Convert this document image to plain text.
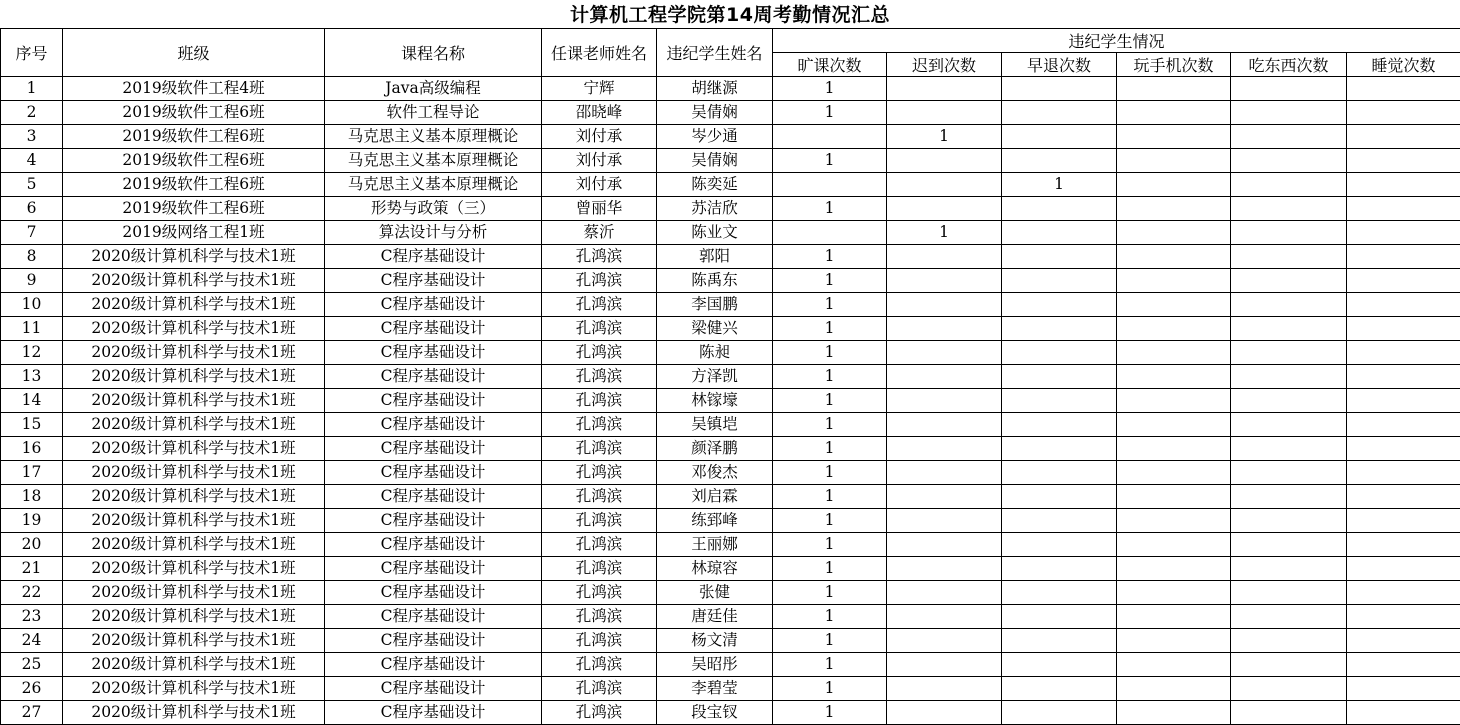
计算机工程学院第14周考勤情况汇总
序号	班级	课程名称	任课老师姓名	违纪学生姓名	违纪学生情况					
					旷课次数	迟到次数	早退次数	玩手机次数	吃东西次数	睡觉次数
1	2019级软件工程4班	Java高级编程	宁辉	胡继源	1					
2	2019级软件工程6班	软件工程导论	邵晓峰	吴倩娴	1					
3	2019级软件工程6班	马克思主义基本原理概论	刘付承	岑少通		1				
4	2019级软件工程6班	马克思主义基本原理概论	刘付承	吴倩娴	1					
5	2019级软件工程6班	马克思主义基本原理概论	刘付承	陈奕延			1			
6	2019级软件工程6班	形势与政策（三）	曾丽华	苏洁欣	1					
7	2019级网络工程1班	算法设计与分析	蔡沂	陈业文		1				
8	2020级计算机科学与技术1班	C程序基础设计	孔鸿滨	郭阳	1					
9	2020级计算机科学与技术1班	C程序基础设计	孔鸿滨	陈禹东	1					
10	2020级计算机科学与技术1班	C程序基础设计	孔鸿滨	李国鹏	1					
11	2020级计算机科学与技术1班	C程序基础设计	孔鸿滨	梁健兴	1					
12	2020级计算机科学与技术1班	C程序基础设计	孔鸿滨	陈昶	1					
13	2020级计算机科学与技术1班	C程序基础设计	孔鸿滨	方泽凯	1					
14	2020级计算机科学与技术1班	C程序基础设计	孔鸿滨	林镓壕	1					
15	2020级计算机科学与技术1班	C程序基础设计	孔鸿滨	吴镇垲	1					
16	2020级计算机科学与技术1班	C程序基础设计	孔鸿滨	颜泽鹏	1					
17	2020级计算机科学与技术1班	C程序基础设计	孔鸿滨	邓俊杰	1					
18	2020级计算机科学与技术1班	C程序基础设计	孔鸿滨	刘启霖	1					
19	2020级计算机科学与技术1班	C程序基础设计	孔鸿滨	练郅峰	1					
20	2020级计算机科学与技术1班	C程序基础设计	孔鸿滨	王丽娜	1					
21	2020级计算机科学与技术1班	C程序基础设计	孔鸿滨	林琼容	1					
22	2020级计算机科学与技术1班	C程序基础设计	孔鸿滨	张健	1					
23	2020级计算机科学与技术1班	C程序基础设计	孔鸿滨	唐廷佳	1					
24	2020级计算机科学与技术1班	C程序基础设计	孔鸿滨	杨文清	1					
25	2020级计算机科学与技术1班	C程序基础设计	孔鸿滨	吴昭彤	1					
26	2020级计算机科学与技术1班	C程序基础设计	孔鸿滨	李碧莹	1					
27	2020级计算机科学与技术1班	C程序基础设计	孔鸿滨	段宝钗	1					
